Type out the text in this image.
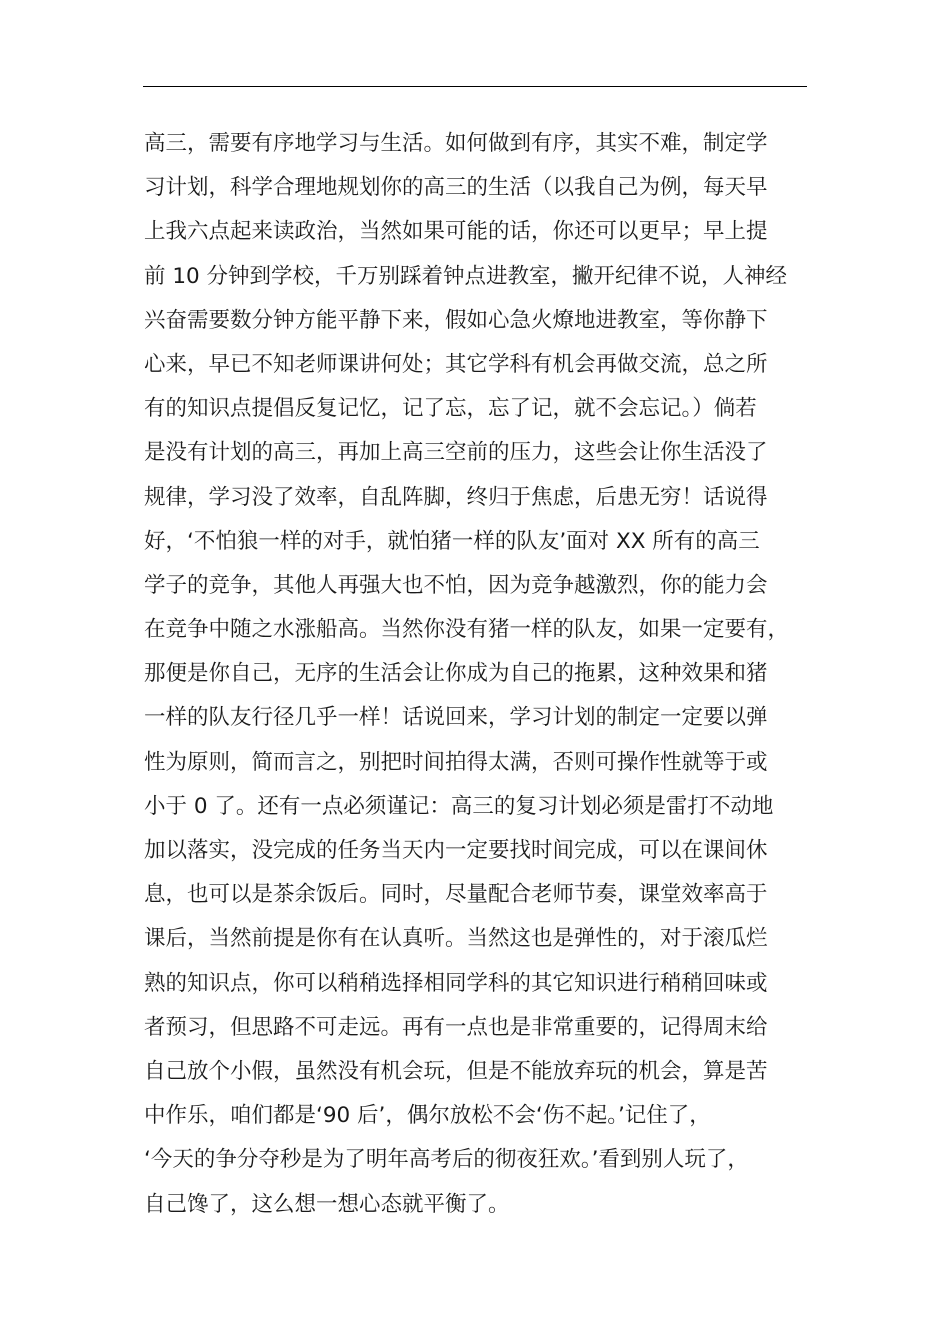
高三，需要有序地学习与生活。如何做到有序，其实不难，制定学
习计划，科学合理地规划你的高三的生活（以我自己为例，每天早
上我六点起来读政治，当然如果可能的话，你还可以更早；早上提
前 10 分钟到学校，千万别踩着钟点进教室，撇开纪律不说，人神经
兴奋需要数分钟方能平静下来，假如心急火燎地进教室，等你静下
心来，早已不知老师课讲何处；其它学科有机会再做交流，总之所
有的知识点提倡反复记忆，记了忘，忘了记，就不会忘记。）倘若
是没有计划的高三，再加上高三空前的压力，这些会让你生活没了
规律，学习没了效率，自乱阵脚，终归于焦虑，后患无穷！话说得
好，‘不怕狼一样的对手，就怕猪一样的队友’面对 XX 所有的高三
学子的竞争，其他人再强大也不怕，因为竞争越激烈，你的能力会
在竞争中随之水涨船高。当然你没有猪一样的队友，如果一定要有，
那便是你自己，无序的生活会让你成为自己的拖累，这种效果和猪
一样的队友行径几乎一样！话说回来，学习计划的制定一定要以弹
性为原则，简而言之，别把时间拍得太满，否则可操作性就等于或
小于 0 了。还有一点必须谨记：高三的复习计划必须是雷打不动地
加以落实，没完成的任务当天内一定要找时间完成，可以在课间休
息，也可以是茶余饭后。同时，尽量配合老师节奏，课堂效率高于
课后，当然前提是你有在认真听。当然这也是弹性的，对于滚瓜烂
熟的知识点，你可以稍稍选择相同学科的其它知识进行稍稍回味或
者预习，但思路不可走远。再有一点也是非常重要的，记得周末给
自己放个小假，虽然没有机会玩，但是不能放弃玩的机会，算是苦
中作乐，咱们都是‘90 后’，偶尔放松不会‘伤不起。’记住了，
‘今天的争分夺秒是为了明年高考后的彻夜狂欢。’看到别人玩了，
自己馋了，这么想一想心态就平衡了。
